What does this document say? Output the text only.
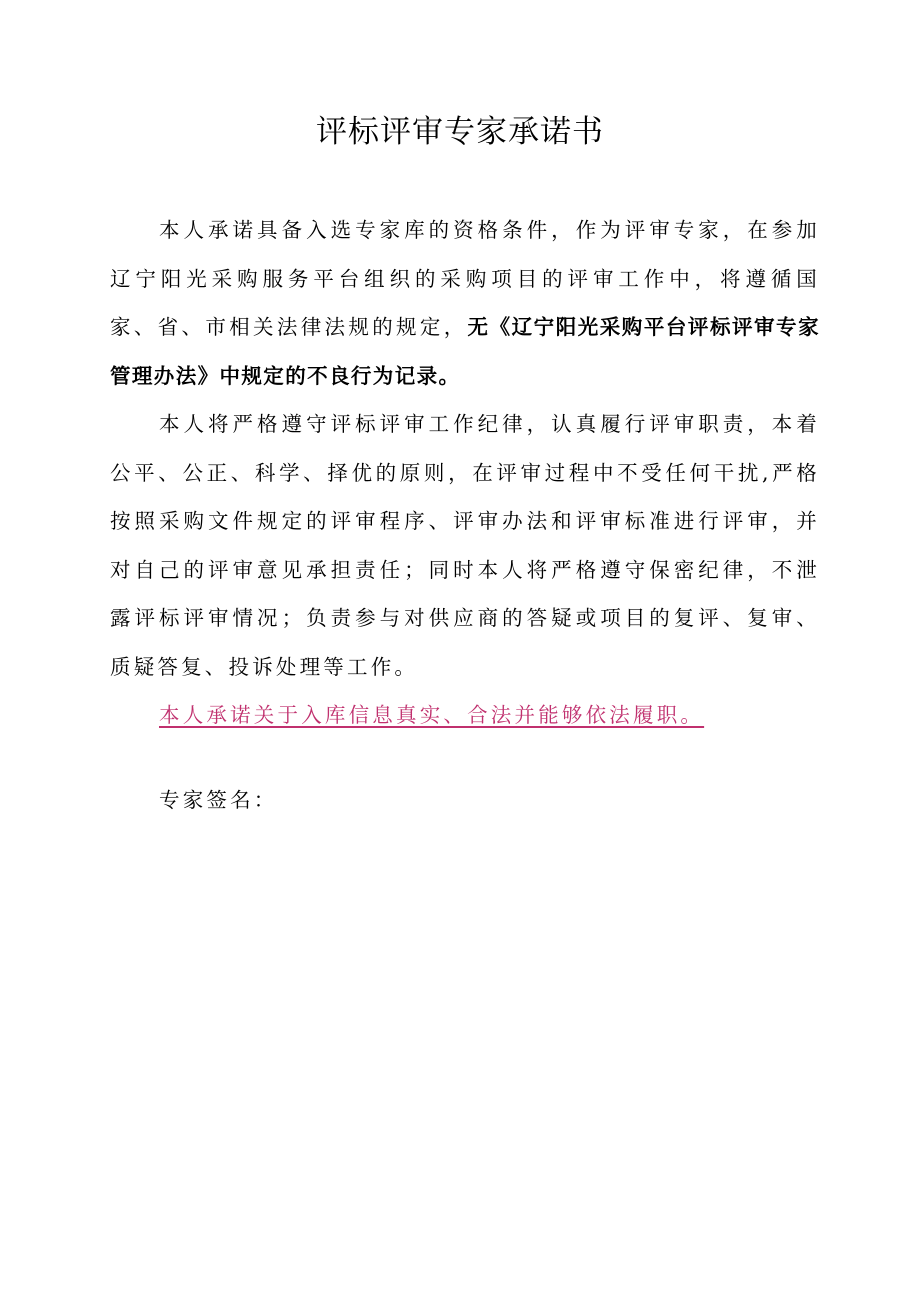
评标评审专家承诺书

本人承诺具备入选专家库的资格条件，作为评审专家，在参加辽宁阳光采购服务平台组织的采购项目的评审工作中，将遵循国家、省、市相关法律法规的规定，无《辽宁阳光采购平台评标评审专家管理办法》中规定的不良行为记录。

本人将严格遵守评标评审工作纪律，认真履行评审职责，本着公平、公正、科学、择优的原则，在评审过程中不受任何干扰,严格按照采购文件规定的评审程序、评审办法和评审标准进行评审，并对自己的评审意见承担责任；同时本人将严格遵守保密纪律，不泄露评标评审情况；负责参与对供应商的答疑或项目的复评、复审、质疑答复、投诉处理等工作。

本人承诺关于入库信息真实、合法并能够依法履职。

专家签名：
